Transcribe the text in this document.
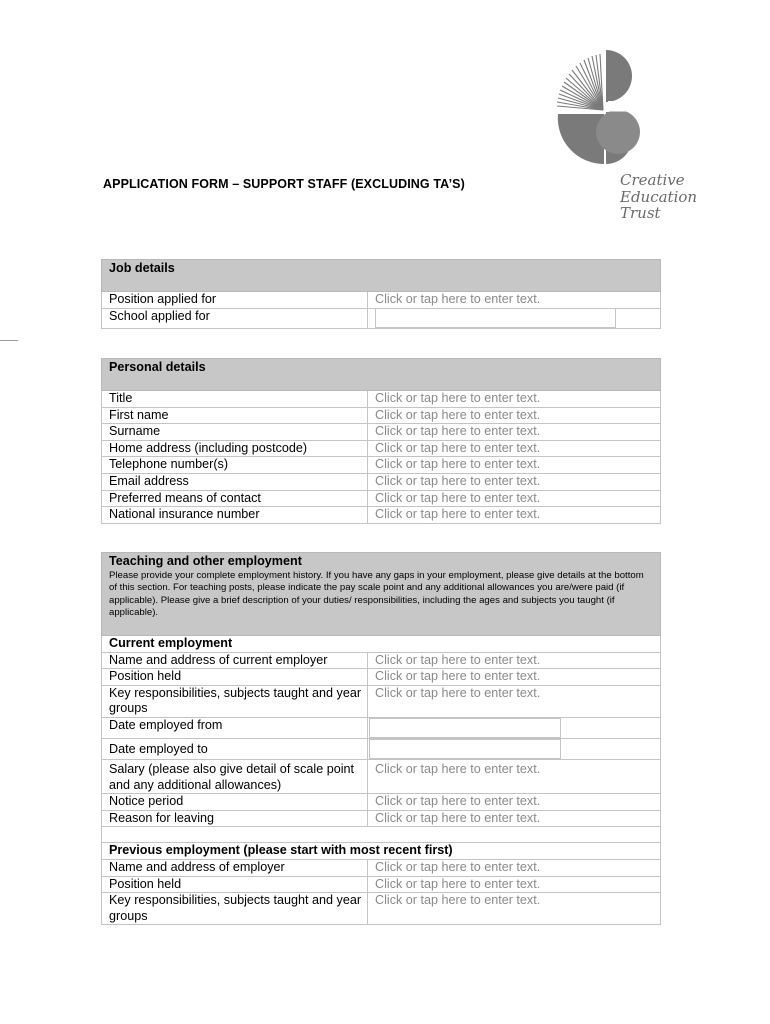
Creative
Education
Trust
APPLICATION FORM – SUPPORT STAFF (EXCLUDING TA’S)
Job details	
Position applied for	Click or tap here to enter text.
School applied for	
Personal details	
Title	Click or tap here to enter text.
First name	Click or tap here to enter text.
Surname	Click or tap here to enter text.
Home address (including postcode)	Click or tap here to enter text.
Telephone number(s)	Click or tap here to enter text.
Email address	Click or tap here to enter text.
Preferred means of contact	Click or tap here to enter text.
National insurance number	Click or tap here to enter text.
Teaching and other employment
Please provide your complete employment history. If you have any gaps in your employment, please give details at the bottom of this section. For teaching posts, please indicate the pay scale point and any additional allowances you are/were paid (if applicable). Please give a brief description of your duties/ responsibilities, including the ages and subjects you taught (if applicable).	

Current employment	
Name and address of current employer	Click or tap here to enter text.
Position held	Click or tap here to enter text.
Key responsibilities, subjects taught and year groups	Click or tap here to enter text.
Date employed from	

Date employed to	

Salary (please also give detail of scale point and any additional allowances)	Click or tap here to enter text.
Notice period	Click or tap here to enter text.
Reason for leaving	Click or tap here to enter text.

Previous employment (please start with most recent first)	
Name and address of employer	Click or tap here to enter text.
Position held	Click or tap here to enter text.
Key responsibilities, subjects taught and year groups	Click or tap here to enter text.
